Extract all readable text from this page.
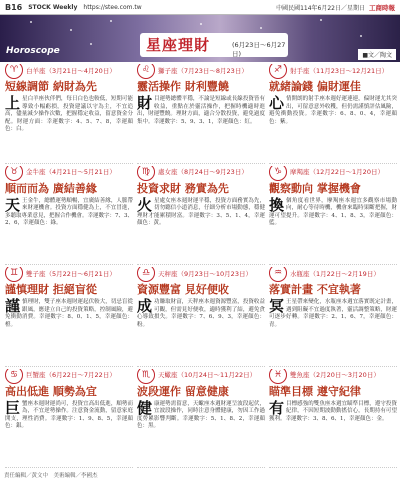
B16 STOCK Weekly https://stee.com.tw	中國民國114年6月22日／星期日 工商時報
Horoscope	星座理財	(6月23日～6月27日)	■文／陶文
♈	白羊座（3月21日～4月20日）
短線調節 納財為先
上星白羊座伙伴們，每日白色也較低，短期可能導致小幅虧損，投資建議以守為主，不宜追高，儘量減少操作次數，把握穩定收益，留意資金分配。財運方面：幸運數字：4、5、7、8，幸運顏色：白。
♌	獅子座（7月23日～8月23日）
靈活操作 財利豐饒
財目運勢總體平穩，不論是短線或長線投資皆有收益，重點在於靈活操作，把握時機適時進出，財運豐饒。理財方面，適合分散投資，避免過度集中。幸運數字：5、9、3、1，幸運顏色：紅。
♐	射手座（11月23日～12月21日）
就緒論錢 偏財運佳
心情開朗的射手座本週好運連連，偏財運尤其突出，可留意意外收穫，但仍需謹慎評估風險，避免衝動投資。幸運數字：6、8、0、4，幸運顏色：紫。
♉	金牛座（4月21日～5月21日）
順而而為 廣結善緣
天王金牛，總體運勢順暢，宜廣結善緣，人脈帶來財運機會。投資方面穩健為上，不宜冒進，多聽取專業意見，把握合作機會。幸運數字：7、3、2、6，幸運顏色：綠。
♍	處女座（8月24日～9月23日）
投資求財 務實為先
火星處女座本週財運平穩，投資方面務實為先，切勿聽信小道消息，仔細分析市場動態，穩健理財才能累積財富。幸運數字：3、5、1、4，幸運顏色：黃。
♑	摩羯座（12月22日～1月20日）
觀察動向 掌握機會
換個角度看世界，摩羯座本週宜多觀察市場動向，耐心等待時機，機會來臨時果斷把握，財運可望提升。幸運數字：4、1、8、3，幸運顏色：藍。
♊	雙子座（5月22日～6月21日）
謹慎理財 拒絕盲從
謹慎理財，雙子座本週財運起伏較大，切忌盲從跟風，應建立自己的投資策略，控制風險，避免衝動消費。幸運數字：8、0、1、5，幸運顏色：橙。
♎	天秤座（9月23日～10月23日）
資源豐富 見好便收
成功賺取財富，天秤座本週資源豐富，投資收益可觀，但需見好便收，適時獲利了結，避免貪心導致損失。幸運數字：7、6、9、3，幸運顏色：粉。
♒	水瓶座（1月22日～2月19日）
落實計畫 不宜執著
冥王星帶來變化，水瓶座本週宜落實既定計畫，遇到阻礙不宜過度執著，靈活調整策略，財運可逐步好轉。幸運數字：2、1、6、7，幸運顏色：青。
♋	巨蟹座（6月22日～7月22日）
高出低進 順勢為宜
巨蟹座本週財運尚可，投資宜高出低進，順勢而為，不宜逆勢操作。注意資金流動，留意家庭開支，理性消費。幸運數字：1、9、8、5，幸運顏色：銀。
♏	天蠍座（10月24日～11月22日）
波段運作 留意健康
健康運勢需留意，天蠍座本週財運呈波段起伏，宜波段操作，同時注意身體健康，勿因工作過度勞累影響判斷。幸運數字：5、1、8、2，幸運顏色：黑。
♓	雙魚座（2月20日～3月20日）
瞄準目標 遵守紀律
有目標感強的雙魚座本週宜瞄準目標，遵守投資紀律，不因短期波動動搖信心，長期持有可望獲利。幸運數字：3、8、6、1，幸運顏色：金。
責任編輯／黃文中　美術編輯／李國杰
